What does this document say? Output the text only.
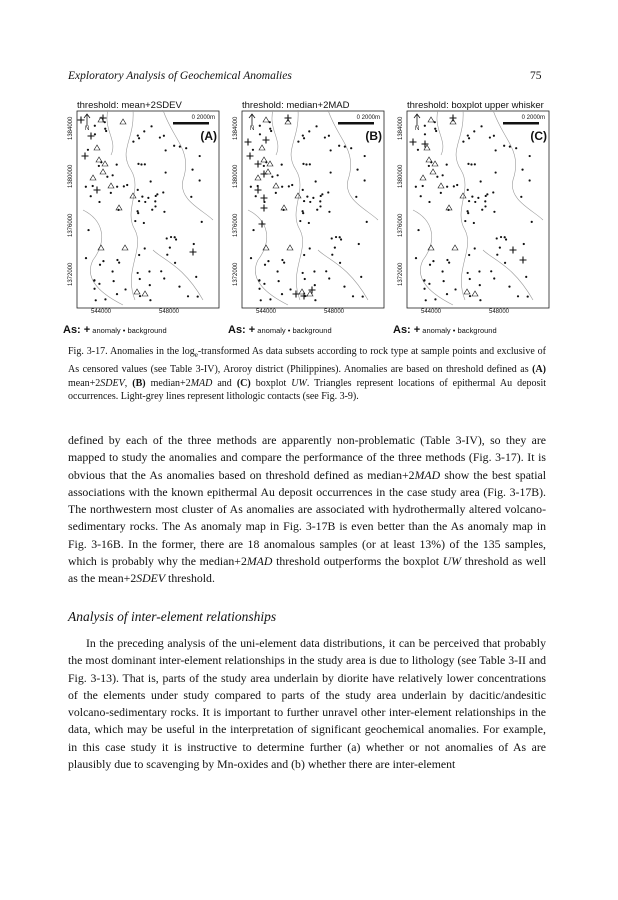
Exploratory Analysis of Geochemical Anomalies	75
threshold: mean+2SDEV
(A)
0 2000m
N
1384000
1380000
1376000
1372000
544000	548000
As: + anomaly • background
threshold: median+2MAD
(B)
0 2000m
N
1384000
1380000
1376000
1372000
544000	548000
As: + anomaly • background
threshold: boxplot upper whisker
(C)
0 2000m
N
1384000
1380000
1376000
1372000
544000	548000
As: + anomaly • background
Fig. 3-17. Anomalies in the $\log_e$-transformed As data subsets according to rock type at sample points and exclusive of As censored values (see Table 3-IV), Aroroy district (Philippines). Anomalies are based on threshold defined as (A) mean+2SDEV, (B) median+2MAD and (C) boxplot UW. Triangles represent locations of epithermal Au deposit occurrences. Light-grey lines represent lithologic contacts (see Fig. 3-9).
defined by each of the three methods are apparently non-problematic (Table 3-IV), so they are mapped to study the anomalies and compare the performance of the three methods (Fig. 3-17). It is obvious that the As anomalies based on threshold defined as median+2MAD show the best spatial associations with the known epithermal Au deposit occurrences in the case study area (Fig. 3-17B). The northwestern most cluster of As anomalies are associated with hydrothermally altered volcano-sedimentary rocks. The As anomaly map in Fig. 3-17B is even better than the As anomaly map in Fig. 3-16B. In the former, there are 18 anomalous samples (or at least 13%) of the 135 samples, which is probably why the median+2MAD threshold outperforms the boxplot UW threshold as well as the mean+2SDEV threshold.
Analysis of inter-element relationships
In the preceding analysis of the uni-element data distributions, it can be perceived that probably the most dominant inter-element relationships in the study area is due to lithology (see Table 3-II and Fig. 3-13). That is, parts of the study area underlain by diorite have relatively lower concentrations of the elements under study compared to parts of the study area underlain by dacitic/andesitic volcano-sedimentary rocks. It is important to further unravel other inter-element relationships in the data, which may be useful in the interpretation of significant geochemical anomalies. For example, in this case study it is instructive to determine further (a) whether or not anomalies of As are plausibly due to scavenging by Mn-oxides and (b) whether there are inter-element
